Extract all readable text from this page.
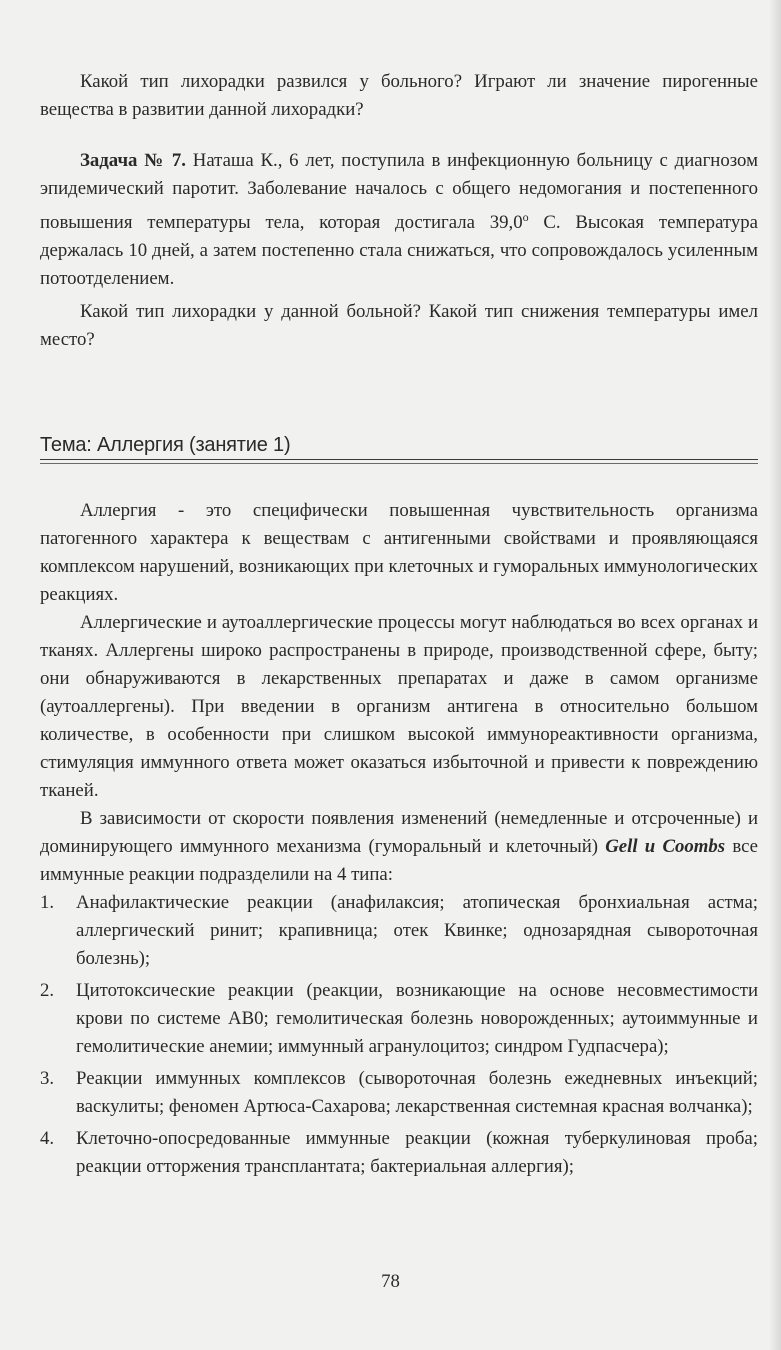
Какой тип лихорадки развился у больного? Играют ли значение пирогенные вещества в развитии данной лихорадки?

Задача № 7. Наташа К., 6 лет, поступила в инфекционную больницу с диагнозом эпидемический паротит. Заболевание началось с общего недомогания и постепенного повышения температуры тела, которая достигала $39,0^о$ С. Высокая температура держалась 10 дней, а затем постепенно стала снижаться, что сопровождалось усиленным потоотделением.

Какой тип лихорадки у данной больной? Какой тип снижения температуры имел место?

Тема: Аллергия (занятие 1)

Аллергия - это специфически повышенная чувствительность организма патогенного характера к веществам с антигенными свойствами и проявляющаяся комплексом нарушений, возникающих при клеточных и гуморальных иммунологических реакциях.

Аллергические и аутоаллергические процессы могут наблюдаться во всех органах и тканях. Аллергены широко распространены в природе, производственной сфере, быту; они обнаруживаются в лекарственных препаратах и даже в самом организме (аутоаллергены). При введении в организм антигена в относительно большом количестве, в особенности при слишком высокой иммунореактивности организма, стимуляция иммунного ответа может оказаться избыточной и привести к повреждению тканей.

В зависимости от скорости появления изменений (немедленные и отсроченные) и доминирующего иммунного механизма (гуморальный и клеточный) Gell и Coombs все иммунные реакции подразделили на 4 типа:

1. Анафилактические реакции (анафилаксия; атопическая бронхиальная астма; аллергический ринит; крапивница; отек Квинке; однозарядная сывороточная болезнь);
2. Цитотоксические реакции (реакции, возникающие на основе несовместимости крови по системе АВ0; гемолитическая болезнь новорожденных; аутоиммунные и гемолитические анемии; иммунный агранулоцитоз; синдром Гудпасчера);
3. Реакции иммунных комплексов (сывороточная болезнь ежедневных инъекций; васкулиты; феномен Артюса-Сахарова; лекарственная системная красная волчанка);
4. Клеточно-опосредованные иммунные реакции (кожная туберкулиновая проба; реакции отторжения трансплантата; бактериальная аллергия);
78
